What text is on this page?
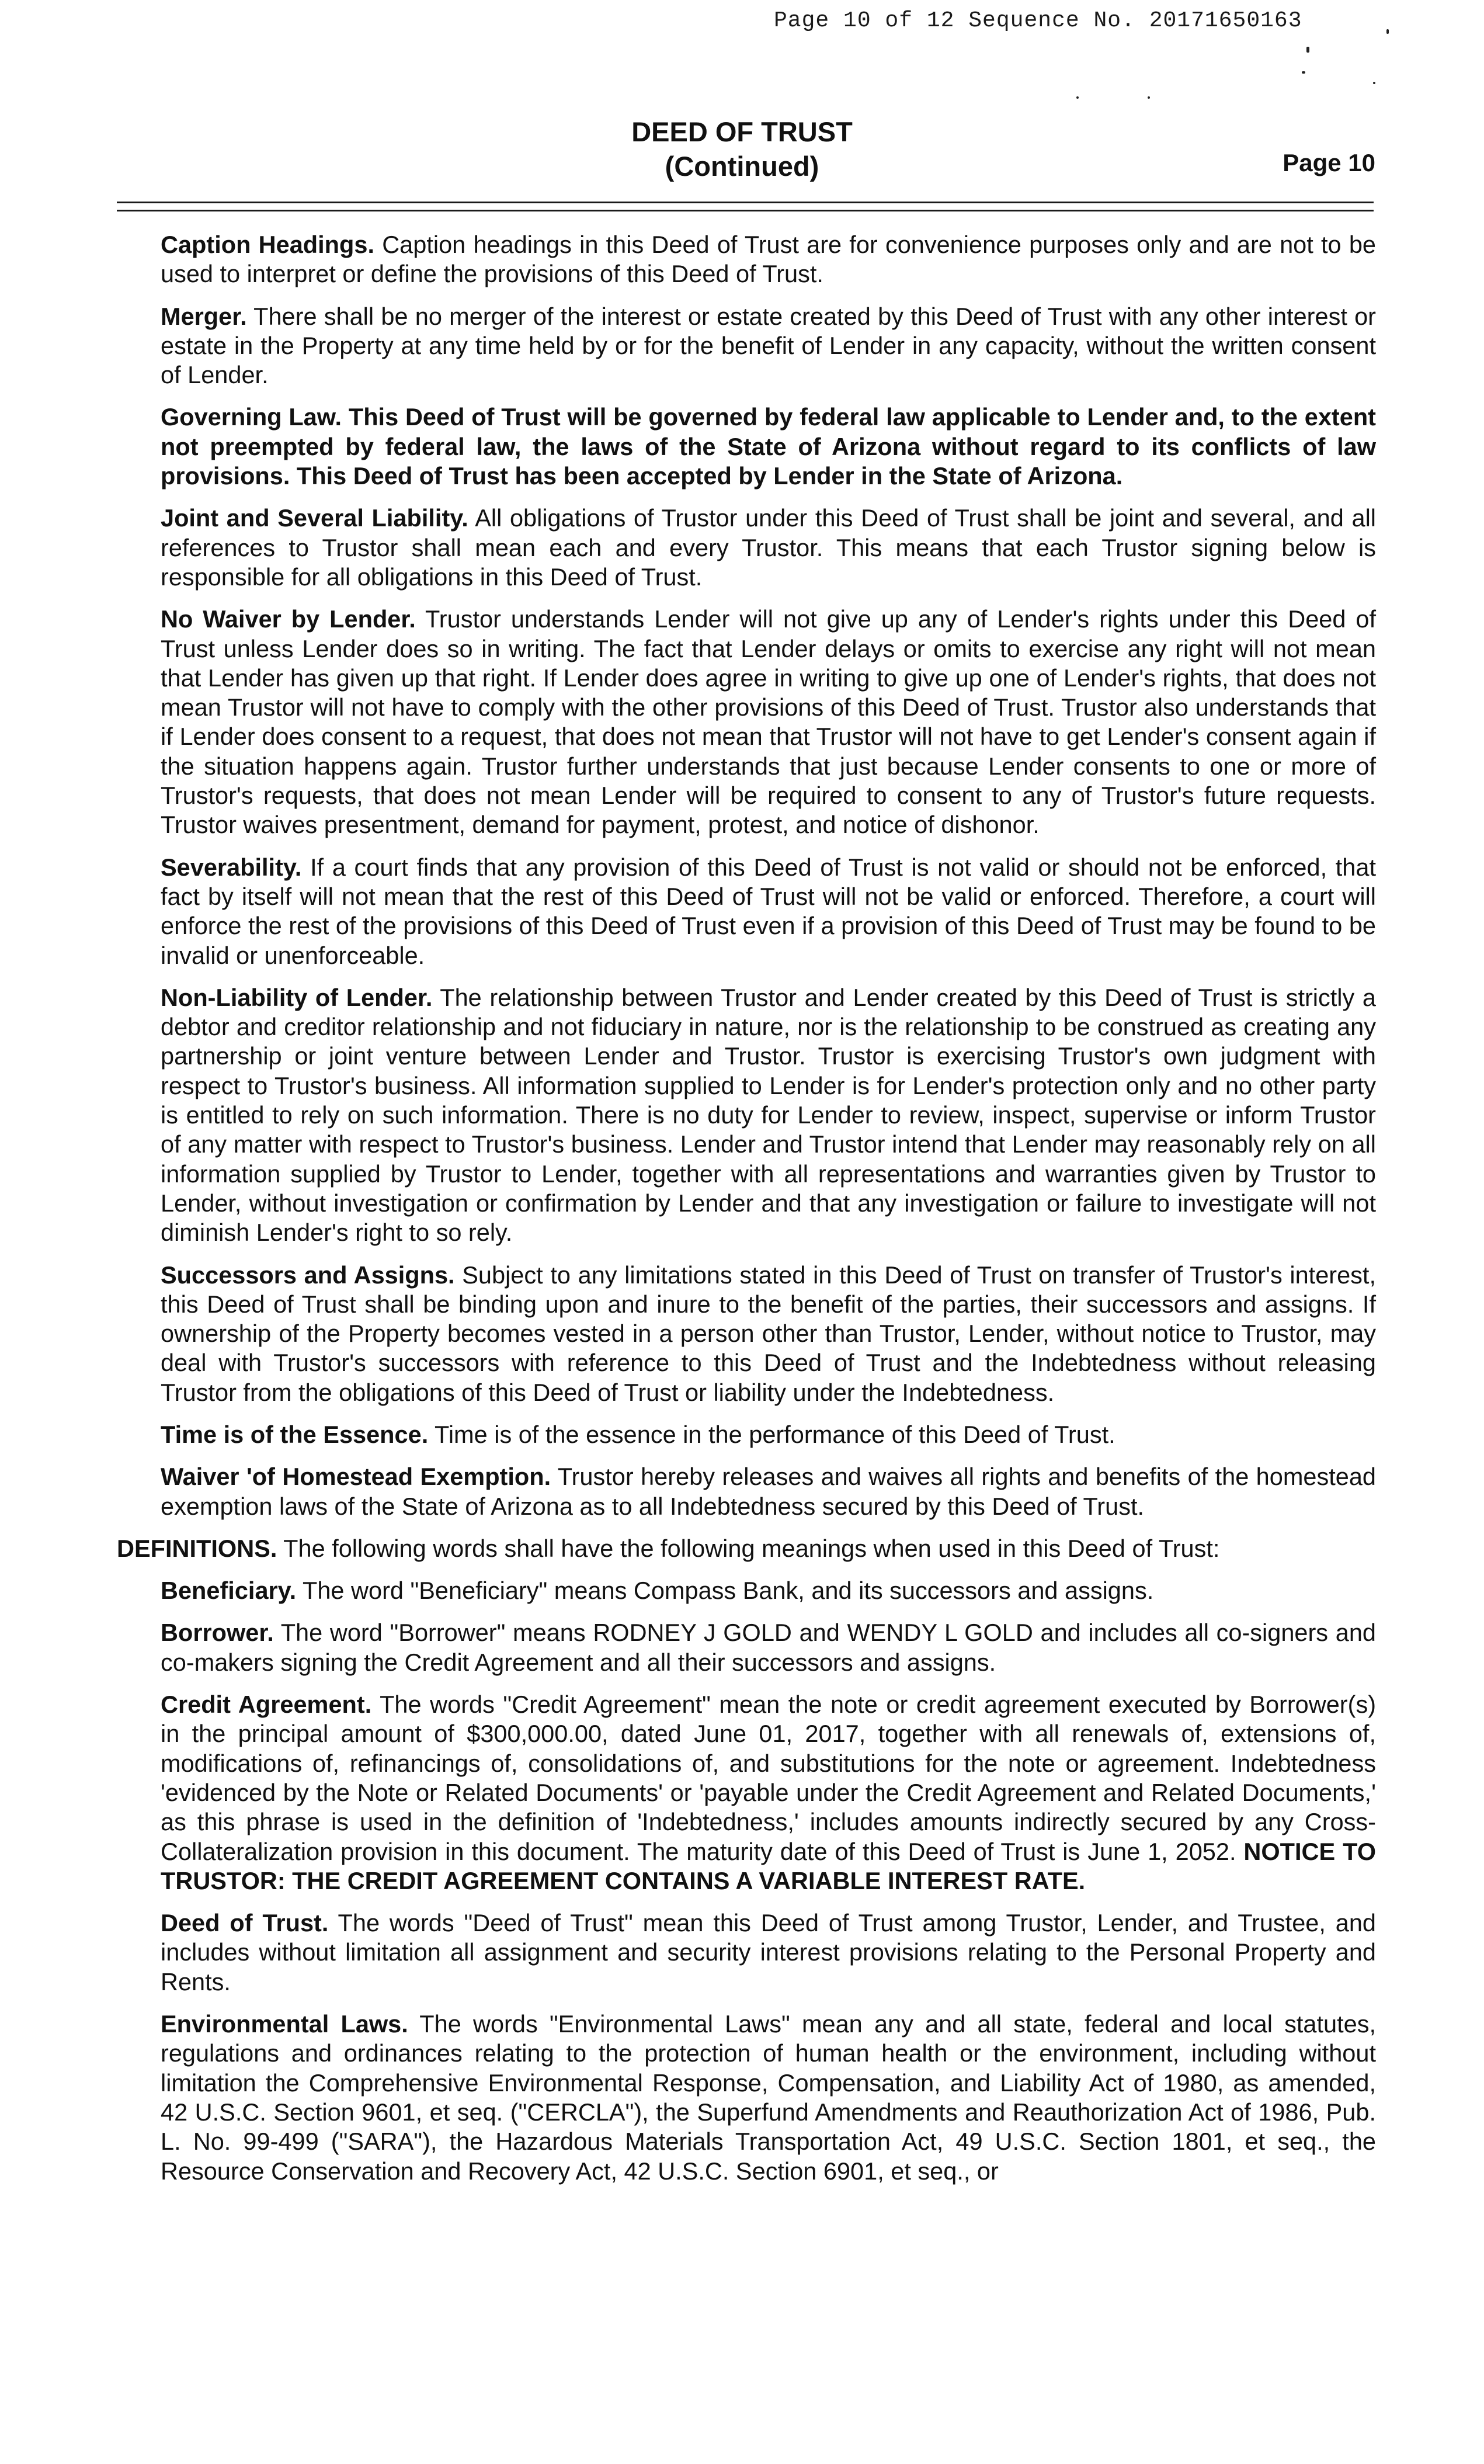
Page 10 of 12 Sequence No. 20171650163
DEED OF TRUST
(Continued)	Page 10

Caption Headings. Caption headings in this Deed of Trust are for convenience purposes only and are not to be used to interpret or define the provisions of this Deed of Trust.

Merger. There shall be no merger of the interest or estate created by this Deed of Trust with any other interest or estate in the Property at any time held by or for the benefit of Lender in any capacity, without the written consent of Lender.

Governing Law. This Deed of Trust will be governed by federal law applicable to Lender and, to the extent not preempted by federal law, the laws of the State of Arizona without regard to its conflicts of law provisions. This Deed of Trust has been accepted by Lender in the State of Arizona.

Joint and Several Liability. All obligations of Trustor under this Deed of Trust shall be joint and several, and all references to Trustor shall mean each and every Trustor. This means that each Trustor signing below is responsible for all obligations in this Deed of Trust.

No Waiver by Lender. Trustor understands Lender will not give up any of Lender's rights under this Deed of Trust unless Lender does so in writing. The fact that Lender delays or omits to exercise any right will not mean that Lender has given up that right. If Lender does agree in writing to give up one of Lender's rights, that does not mean Trustor will not have to comply with the other provisions of this Deed of Trust. Trustor also understands that if Lender does consent to a request, that does not mean that Trustor will not have to get Lender's consent again if the situation happens again. Trustor further understands that just because Lender consents to one or more of Trustor's requests, that does not mean Lender will be required to consent to any of Trustor's future requests. Trustor waives presentment, demand for payment, protest, and notice of dishonor.

Severability. If a court finds that any provision of this Deed of Trust is not valid or should not be enforced, that fact by itself will not mean that the rest of this Deed of Trust will not be valid or enforced. Therefore, a court will enforce the rest of the provisions of this Deed of Trust even if a provision of this Deed of Trust may be found to be invalid or unenforceable.

Non-Liability of Lender. The relationship between Trustor and Lender created by this Deed of Trust is strictly a debtor and creditor relationship and not fiduciary in nature, nor is the relationship to be construed as creating any partnership or joint venture between Lender and Trustor. Trustor is exercising Trustor's own judgment with respect to Trustor's business. All information supplied to Lender is for Lender's protection only and no other party is entitled to rely on such information. There is no duty for Lender to review, inspect, supervise or inform Trustor of any matter with respect to Trustor's business. Lender and Trustor intend that Lender may reasonably rely on all information supplied by Trustor to Lender, together with all representations and warranties given by Trustor to Lender, without investigation or confirmation by Lender and that any investigation or failure to investigate will not diminish Lender's right to so rely.

Successors and Assigns. Subject to any limitations stated in this Deed of Trust on transfer of Trustor's interest, this Deed of Trust shall be binding upon and inure to the benefit of the parties, their successors and assigns. If ownership of the Property becomes vested in a person other than Trustor, Lender, without notice to Trustor, may deal with Trustor's successors with reference to this Deed of Trust and the Indebtedness without releasing Trustor from the obligations of this Deed of Trust or liability under the Indebtedness.

Time is of the Essence. Time is of the essence in the performance of this Deed of Trust.

Waiver 'of Homestead Exemption. Trustor hereby releases and waives all rights and benefits of the homestead exemption laws of the State of Arizona as to all Indebtedness secured by this Deed of Trust.

DEFINITIONS. The following words shall have the following meanings when used in this Deed of Trust:

Beneficiary. The word "Beneficiary" means Compass Bank, and its successors and assigns.

Borrower. The word "Borrower" means RODNEY J GOLD and WENDY L GOLD and includes all co-signers and co-makers signing the Credit Agreement and all their successors and assigns.

Credit Agreement. The words "Credit Agreement" mean the note or credit agreement executed by Borrower(s) in the principal amount of $300,000.00, dated June 01, 2017, together with all renewals of, extensions of, modifications of, refinancings of, consolidations of, and substitutions for the note or agreement. Indebtedness 'evidenced by the Note or Related Documents' or 'payable under the Credit Agreement and Related Documents,' as this phrase is used in the definition of 'Indebtedness,' includes amounts indirectly secured by any Cross-Collateralization provision in this document. The maturity date of this Deed of Trust is June 1, 2052. NOTICE TO TRUSTOR: THE CREDIT AGREEMENT CONTAINS A VARIABLE INTEREST RATE.

Deed of Trust. The words "Deed of Trust" mean this Deed of Trust among Trustor, Lender, and Trustee, and includes without limitation all assignment and security interest provisions relating to the Personal Property and Rents.

Environmental Laws. The words "Environmental Laws" mean any and all state, federal and local statutes, regulations and ordinances relating to the protection of human health or the environment, including without limitation the Comprehensive Environmental Response, Compensation, and Liability Act of 1980, as amended, 42 U.S.C. Section 9601, et seq. ("CERCLA"), the Superfund Amendments and Reauthorization Act of 1986, Pub. L. No. 99-499 ("SARA"), the Hazardous Materials Transportation Act, 49 U.S.C. Section 1801, et seq., the Resource Conservation and Recovery Act, 42 U.S.C. Section 6901, et seq., or
